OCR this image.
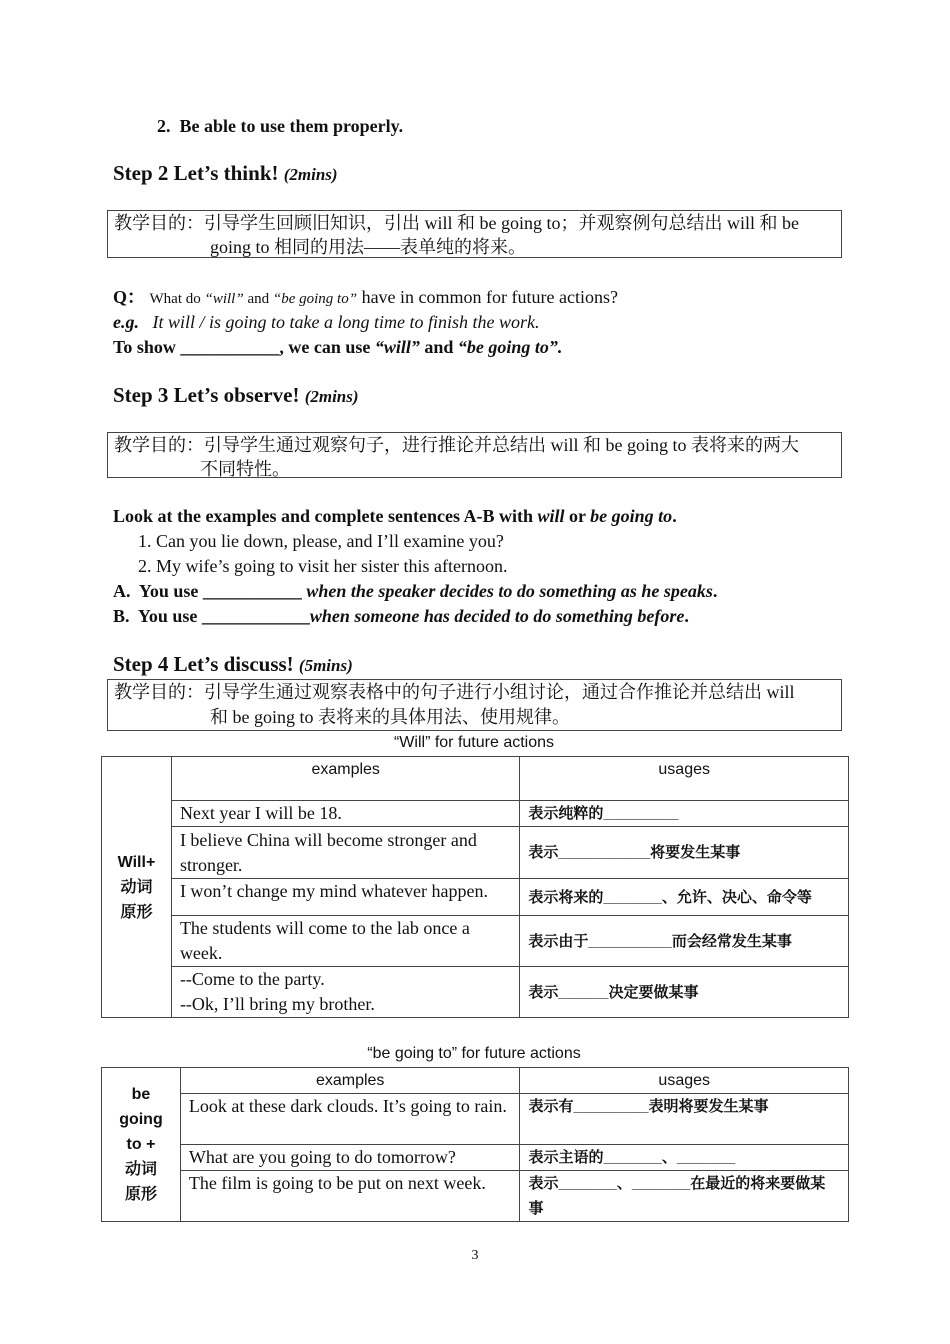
2. Be able to use them properly.
Step 2 Let’s think! (2mins)
教学目的：引导学生回顾旧知识，引出 will 和 be going to；并观察例句总结出 will 和 be
going to 相同的用法——表单纯的将来。
Q： What do “will” and “be going to” have in common for future actions?
e.g. It will / is going to take a long time to finish the work.
To show ___________, we can use “will” and “be going to”.
Step 3 Let’s observe! (2mins)
教学目的：引导学生通过观察句子，进行推论并总结出 will 和 be going to 表将来的两大
不同特性。
Look at the examples and complete sentences A-B with will or be going to.
1. Can you lie down, please, and I’ll examine you?
2. My wife’s going to visit her sister this afternoon.
A.  You use ___________ when the speaker decides to do something as he speaks.
B.  You use ____________when someone has decided to do something before.
Step 4 Let’s discuss! (5mins)
教学目的：引导学生通过观察表格中的句子进行小组讨论，通过合作推论并总结出 will
和 be going to 表将来的具体用法、使用规律。
“Will” for future actions
Will+
动词
原形	examples	usages
	Next year I will be 18.	表示纯粹的_________
	I believe China will become stronger and stronger.	表示___________将要发生某事
	I won’t change my mind whatever happen.	表示将来的_______、允许、决心、命令等
	The students will come to the lab once a week.	表示由于__________而会经常发生某事

	--Come to the party.
--Ok, I’ll bring my brother.	表示______决定要做某事
“be going to” for future actions
be
going
to +
动词
原形	examples	usages
	Look at these dark clouds. It’s going to rain.	表示有_________表明将要发生某事
	What are you going to do tomorrow?	表示主语的_______、_______
	The film is going to be put on next week.	表示_______、_______在最近的将来要做某事
3
